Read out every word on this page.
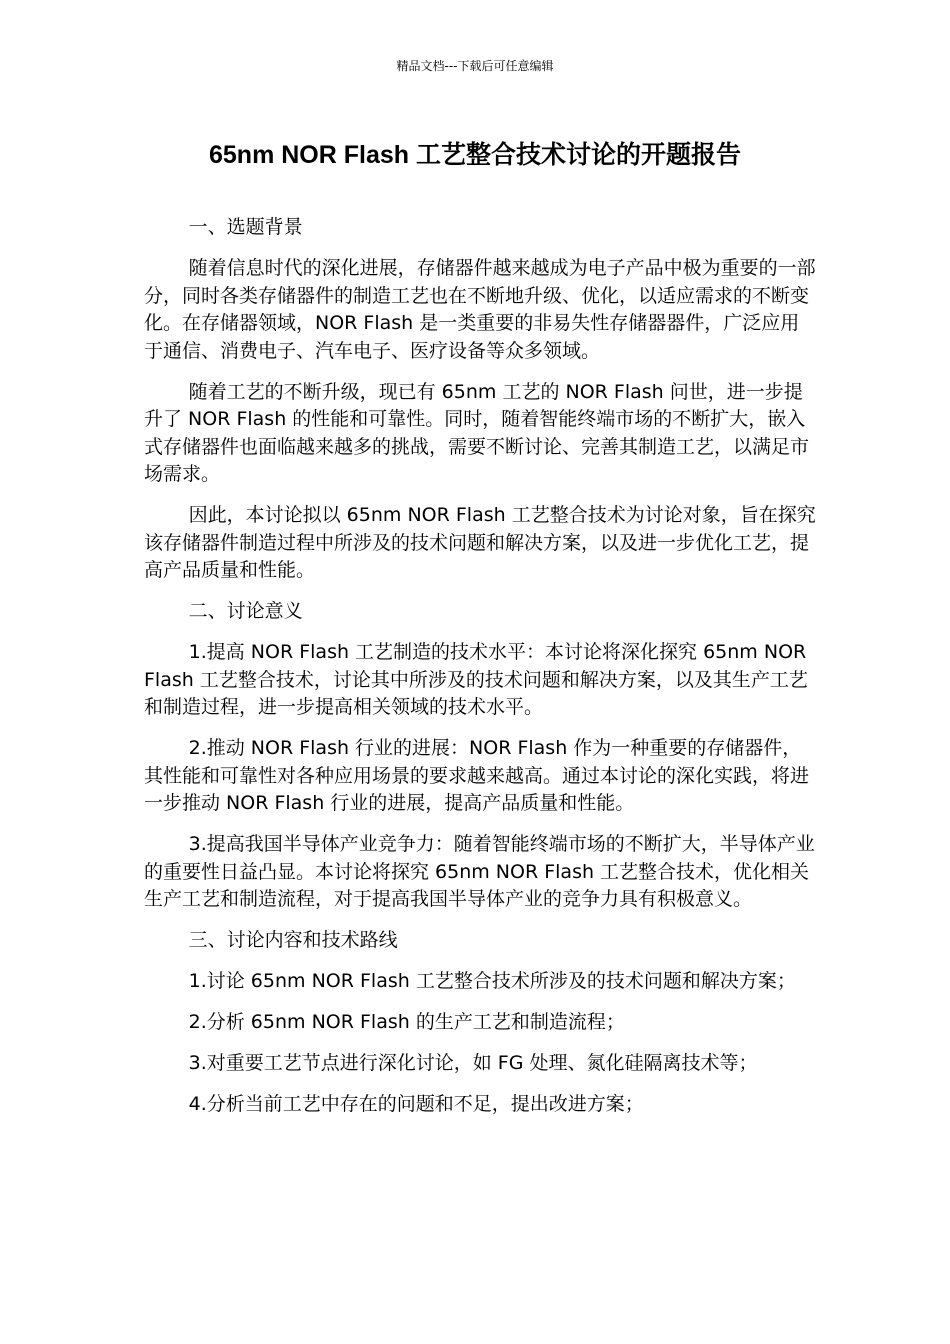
精品文档---下载后可任意编辑
65nm NOR Flash 工艺整合技术讨论的开题报告

一、选题背景

随着信息时代的深化进展，存储器件越来越成为电子产品中极为重要的一部分，同时各类存储器件的制造工艺也在不断地升级、优化，以适应需求的不断变化。在存储器领域，NOR Flash 是一类重要的非易失性存储器器件，广泛应用于通信、消费电子、汽车电子、医疗设备等众多领域。

随着工艺的不断升级，现已有 65nm 工艺的 NOR Flash 问世，进一步提升了 NOR Flash 的性能和可靠性。同时，随着智能终端市场的不断扩大，嵌入式存储器件也面临越来越多的挑战，需要不断讨论、完善其制造工艺，以满足市场需求。

因此，本讨论拟以 65nm NOR Flash 工艺整合技术为讨论对象，旨在探究该存储器件制造过程中所涉及的技术问题和解决方案，以及进一步优化工艺，提高产品质量和性能。

二、讨论意义

1.提高 NOR Flash 工艺制造的技术水平：本讨论将深化探究 65nm NOR Flash 工艺整合技术，讨论其中所涉及的技术问题和解决方案，以及其生产工艺和制造过程，进一步提高相关领域的技术水平。

2.推动 NOR Flash 行业的进展：NOR Flash 作为一种重要的存储器件，其性能和可靠性对各种应用场景的要求越来越高。通过本讨论的深化实践，将进一步推动 NOR Flash 行业的进展，提高产品质量和性能。

3.提高我国半导体产业竞争力：随着智能终端市场的不断扩大，半导体产业的重要性日益凸显。本讨论将探究 65nm NOR Flash 工艺整合技术，优化相关生产工艺和制造流程，对于提高我国半导体产业的竞争力具有积极意义。

三、讨论内容和技术路线

1.讨论 65nm NOR Flash 工艺整合技术所涉及的技术问题和解决方案；

2.分析 65nm NOR Flash 的生产工艺和制造流程；

3.对重要工艺节点进行深化讨论，如 FG 处理、氮化硅隔离技术等；

4.分析当前工艺中存在的问题和不足，提出改进方案；
